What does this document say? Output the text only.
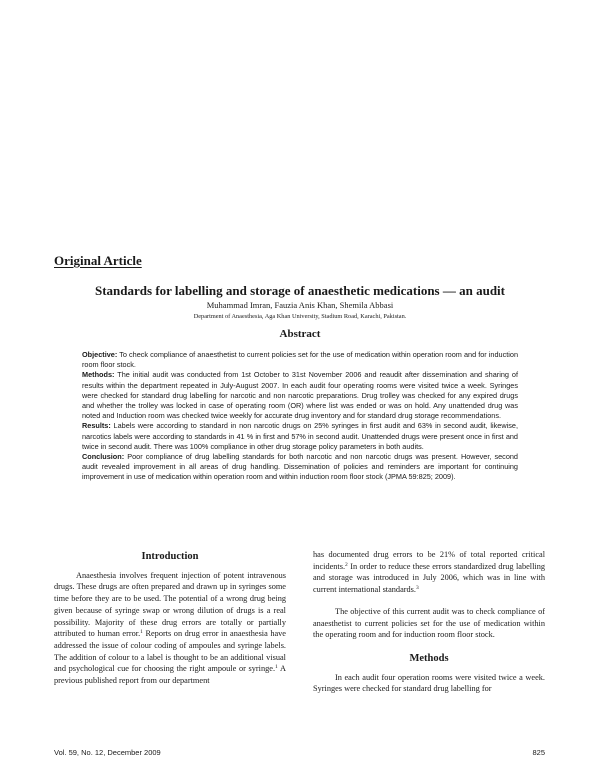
Original Article
Standards for labelling and storage of anaesthetic medications — an audit
Muhammad Imran, Fauzia Anis Khan, Shemila Abbasi
Department of Anaesthesia, Aga Khan University, Stadium Road, Karachi, Pakistan.
Abstract

Objective: To check compliance of anaesthetist to current policies set for the use of medication within operation room and for induction room floor stock.

Methods: The initial audit was conducted from 1st October to 31st November 2006 and reaudit after dissemination and sharing of results within the department repeated in July-August 2007. In each audit four operating rooms were visited twice a week. Syringes were checked for standard drug labelling for narcotic and non narcotic preparations. Drug trolley was checked for any expired drugs and whether the trolley was locked in case of operating room (OR) where list was ended or was on hold. Any unattended drug was noted and Induction room was checked twice weekly for accurate drug inventory and for standard drug storage recommendations.

Results: Labels were according to standard in non narcotic drugs on 25% syringes in first audit and 63% in second audit, likewise, narcotics labels were according to standards in 41 % in first and 57% in second audit. Unattended drugs were present once in first and twice in second audit. There was 100% compliance in other drug storage policy parameters in both audits.

Conclusion: Poor compliance of drug labelling standards for both narcotic and non narcotic drugs was present. However, second audit revealed improvement in all areas of drug handling. Dissemination of policies and reminders are important for continuing improvement in use of medication within operation room and within induction room floor stock (JPMA 59:825; 2009).

Introduction

Anaesthesia involves frequent injection of potent intravenous drugs. These drugs are often prepared and drawn up in syringes some time before they are to be used. The potential of a wrong drug being given because of syringe swap or wrong dilution of drugs is a real possibility. Majority of these drug errors are totally or partially attributed to human error.$^1$ Reports on drug error in anaesthesia have addressed the issue of colour coding of ampoules and syringe labels. The addition of colour to a label is thought to be an additional visual and psychological cue for choosing the right ampoule or syringe.$^1$ A previous published report from our department

has documented drug errors to be 21% of total reported critical incidents.$^2$ In order to reduce these errors standardized drug labelling and storage was introduced in July 2006, which was in line with current international standards.$^3$

The objective of this current audit was to check compliance of anaesthetist to current policies set for the use of medication within the operating room and for induction room floor stock.

Methods

In each audit four operation rooms were visited twice a week. Syringes were checked for standard drug labelling for

Vol. 59, No. 12, December 2009	825
